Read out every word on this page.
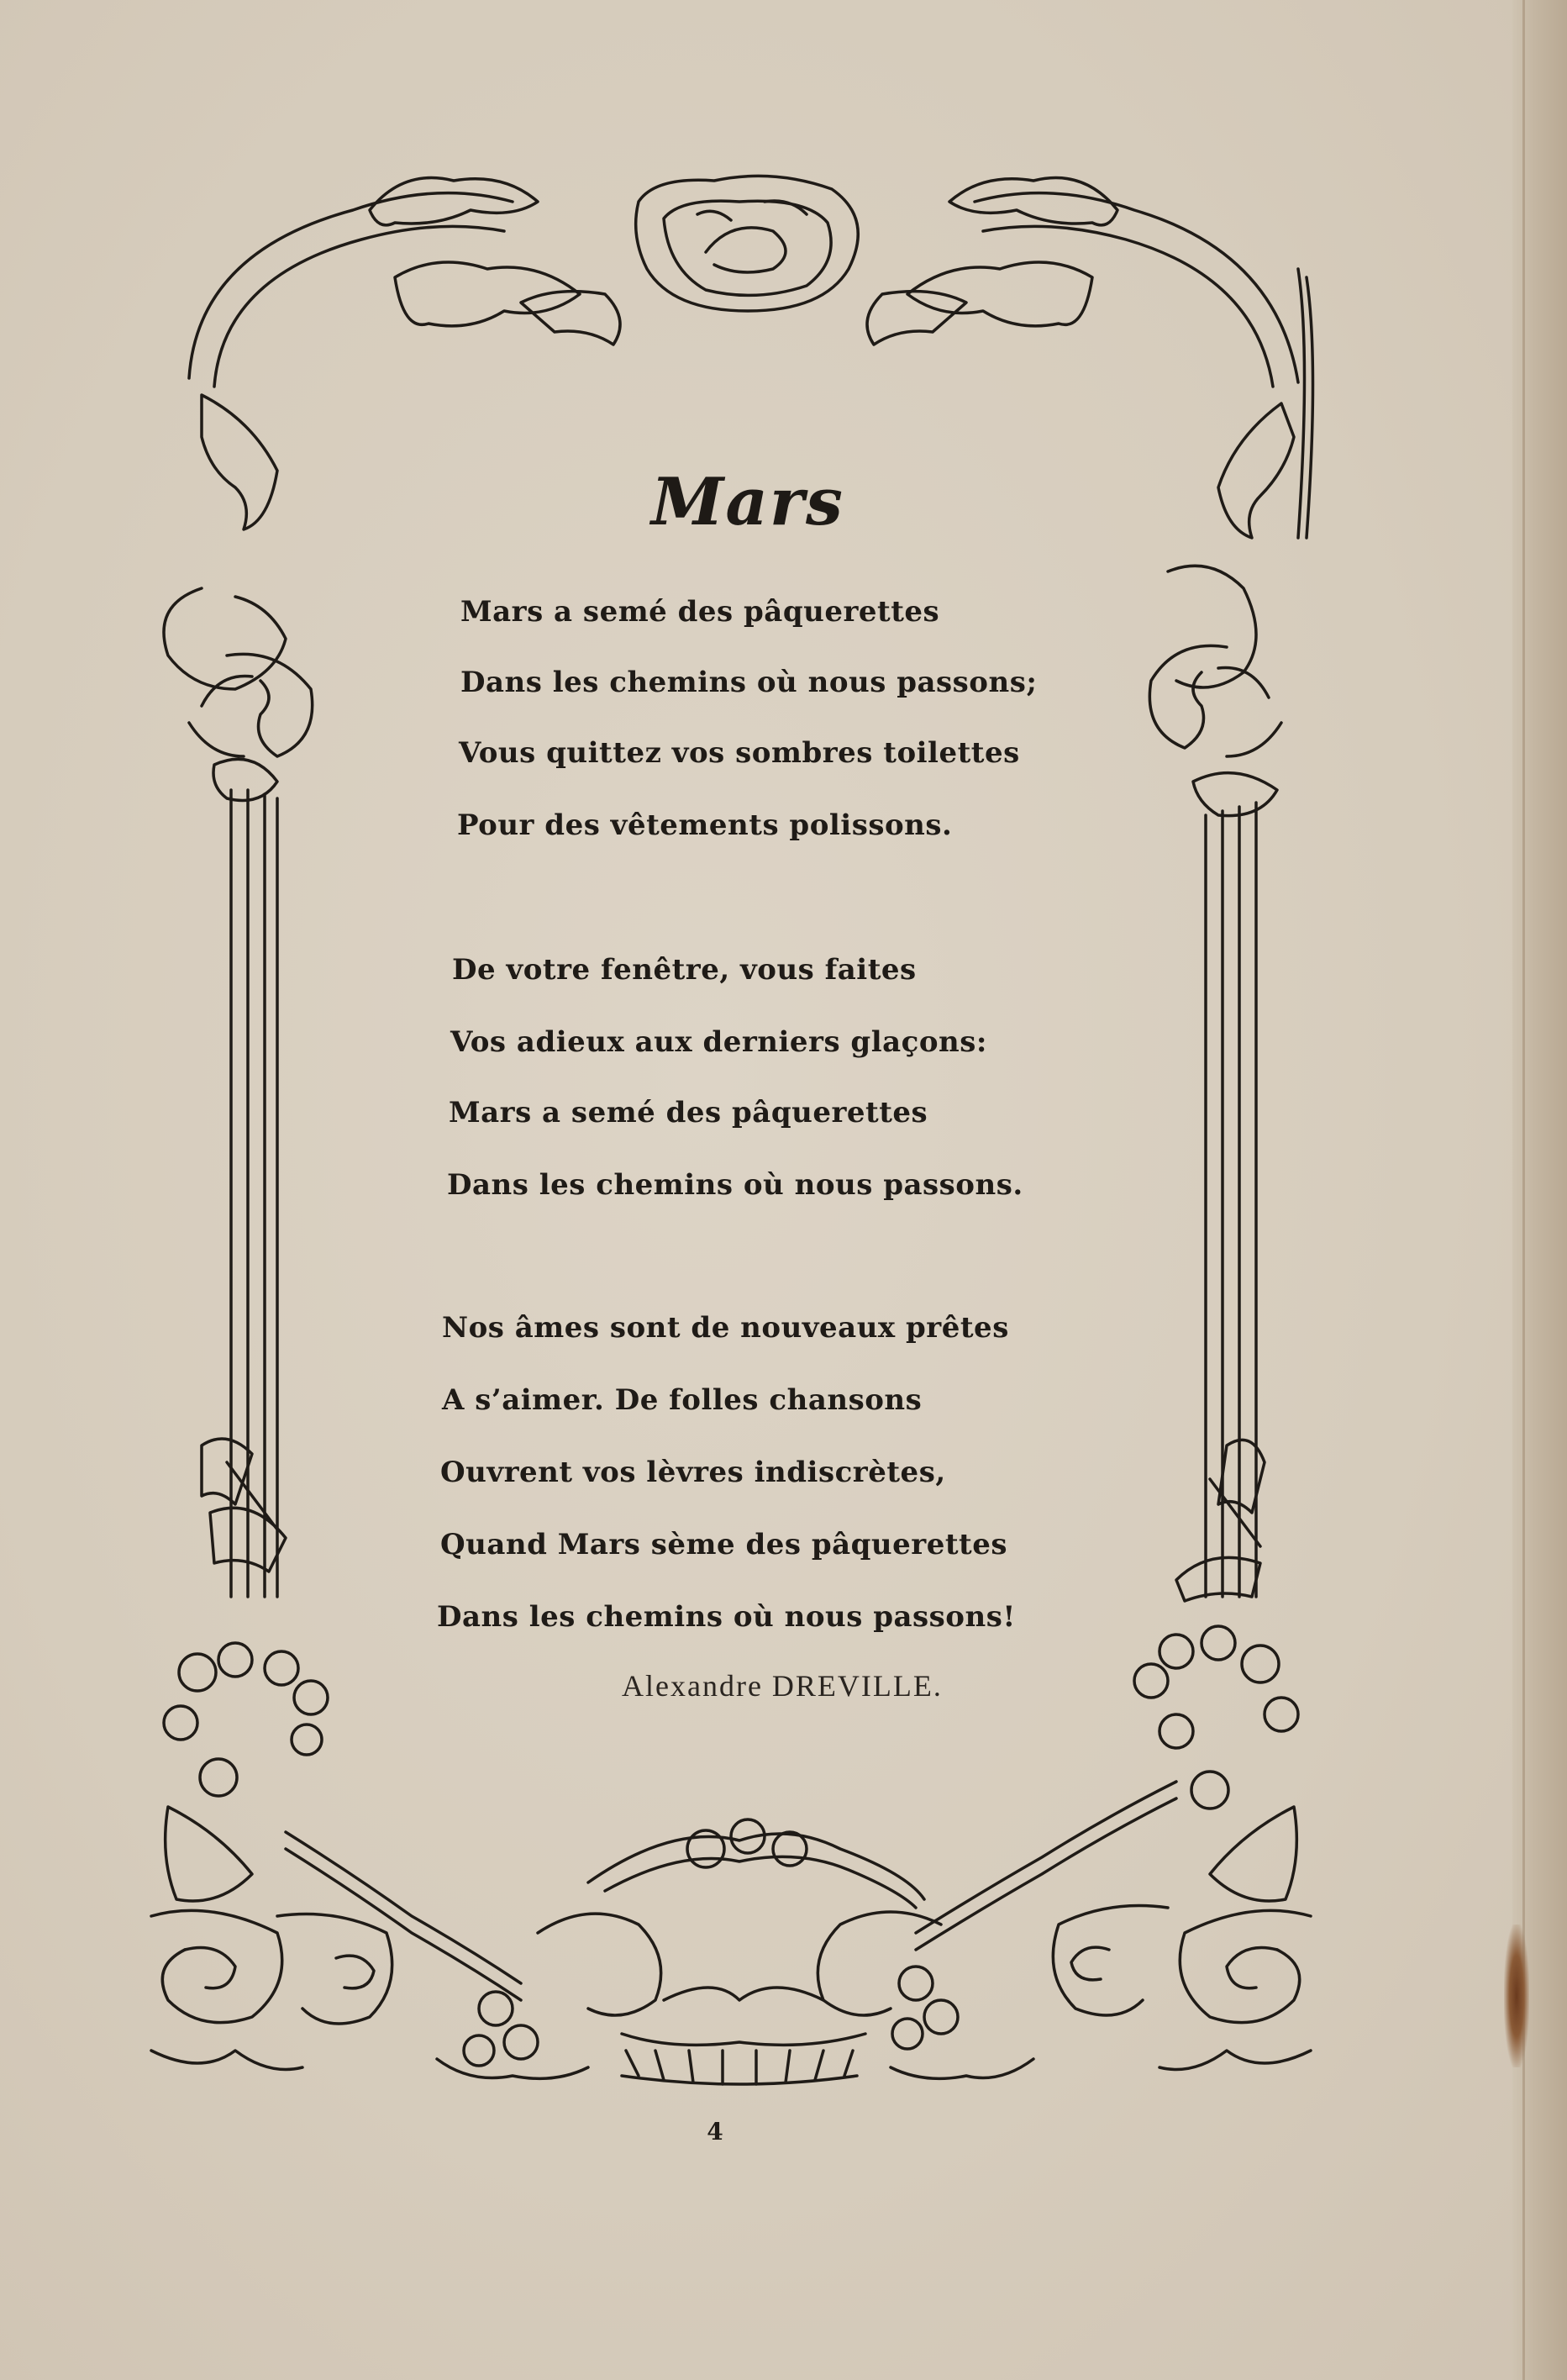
Mars
Mars a semé des pâquerettes
Dans les chemins où nous passons;
Vous quittez vos sombres toilettes
Pour des vêtements polissons.
De votre fenêtre, vous faites
Vos adieux aux derniers glaçons:
Mars a semé des pâquerettes
Dans les chemins où nous passons.
Nos âmes sont de nouveaux prêtes
A s’aimer. De folles chansons
Ouvrent vos lèvres indiscrètes,
Quand Mars sème des pâquerettes
Dans les chemins où nous passons!
Alexandre DREVILLE.
4
